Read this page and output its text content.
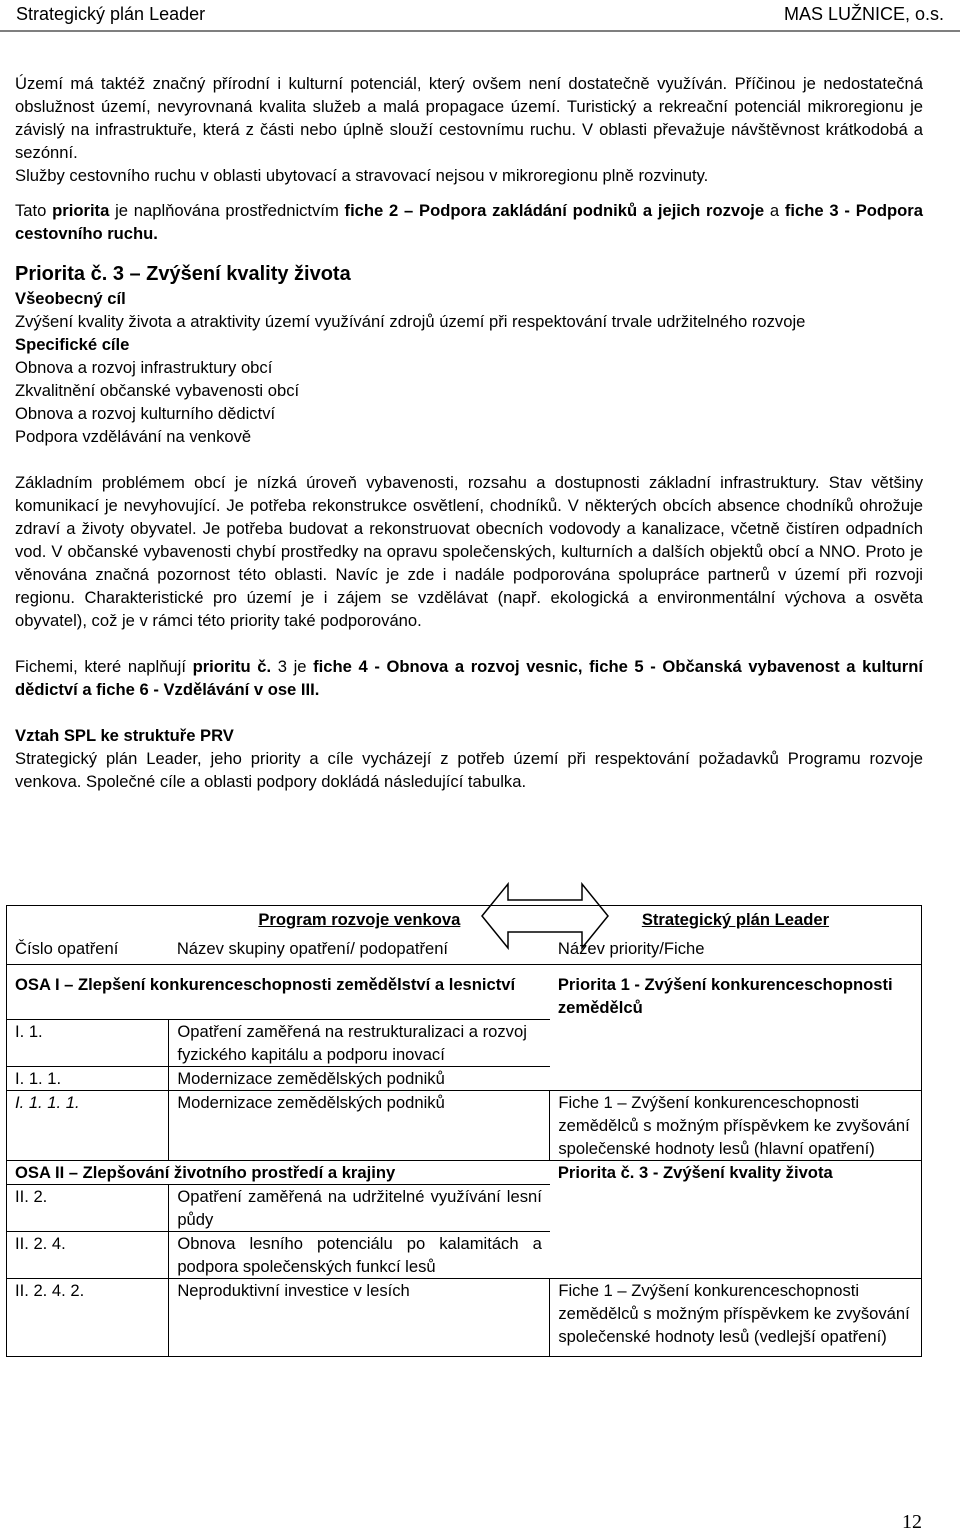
Strategický plán Leader	MAS LUŽNICE, o.s.

Území má taktéž značný přírodní i kulturní potenciál, který ovšem není dostatečně využíván. Příčinou je nedostatečná obslužnost území, nevyrovnaná kvalita služeb a malá propagace území. Turistický a rekreační potenciál mikroregionu je závislý na infrastruktuře, která z části nebo úplně slouží cestovnímu ruchu. V oblasti převažuje návštěvnost krátkodobá a sezónní.

Služby cestovního ruchu v oblasti ubytovací a stravovací nejsou v mikroregionu plně rozvinuty.

Tato priorita je naplňována prostřednictvím fiche 2 – Podpora zakládání podniků a jejich rozvoje a fiche 3 - Podpora cestovního ruchu.

Priorita č. 3 – Zvýšení kvality života

Všeobecný cíl

Zvýšení kvality života a atraktivity území využívání zdrojů území při respektování trvale udržitelného rozvoje

Specifické cíle

Obnova a rozvoj infrastruktury obcí

Zkvalitnění občanské vybavenosti obcí

Obnova a rozvoj kulturního dědictví

Podpora vzdělávání na venkově

Základním problémem obcí je nízká úroveň vybavenosti, rozsahu a dostupnosti základní infrastruktury. Stav většiny komunikací je nevyhovující. Je potřeba rekonstrukce osvětlení, chodníků. V některých obcích absence chodníků ohrožuje zdraví a životy obyvatel. Je potřeba budovat a rekonstruovat obecních vodovody a kanalizace, včetně čistíren odpadních vod. V občanské vybavenosti chybí prostředky na opravu společenských, kulturních a dalších objektů obcí a NNO. Proto je věnována značná pozornost této oblasti. Navíc je zde i nadále podporována spolupráce partnerů v území při rozvoji regionu. Charakteristické pro území je i zájem se vzdělávat (např. ekologická a environmentální výchova a osvěta obyvatel), což je v rámci této priority také podporováno.

Fichemi, které naplňují prioritu č. 3 je fiche 4 - Obnova a rozvoj vesnic, fiche 5 - Občanská vybavenost a kulturní dědictví a fiche 6 - Vzdělávání v ose III.

Vztah SPL ke struktuře PRV

Strategický plán Leader, jeho priority a cíle vycházejí z potřeb území při respektování požadavků Programu rozvoje venkova. Společné cíle a oblasti podpory dokládá následující tabulka.

	Program rozvoje venkova	Strategický plán Leader
Číslo opatření	Název skupiny opatření/ podopatření	Název priority/Fiche
OSA I – Zlepšení konkurenceschopnosti zemědělství a lesnictví		Priorita 1 - Zvýšení konkurenceschopnosti zemědělců
I. 1.	Opatření zaměřená na restrukturalizaci a rozvoj fyzického kapitálu a podporu inovací	
I. 1. 1.	Modernizace zemědělských podniků	
I. 1. 1. 1.	Modernizace zemědělských podniků	Fiche 1 – Zvýšení konkurenceschopnosti zemědělců s možným příspěvkem ke zvyšování společenské hodnoty lesů (hlavní opatření)
OSA II – Zlepšování životního prostředí a krajiny		Priorita č. 3 - Zvýšení kvality života
II. 2.	Opatření zaměřená na udržitelné využívání lesní půdy	
II. 2. 4.	Obnova lesního potenciálu po kalamitách a podpora společenských funkcí lesů	
II. 2. 4. 2.	Neproduktivní investice v lesích	Fiche 1 – Zvýšení konkurenceschopnosti zemědělců s možným příspěvkem ke zvyšování společenské hodnoty lesů (vedlejší opatření)
12
